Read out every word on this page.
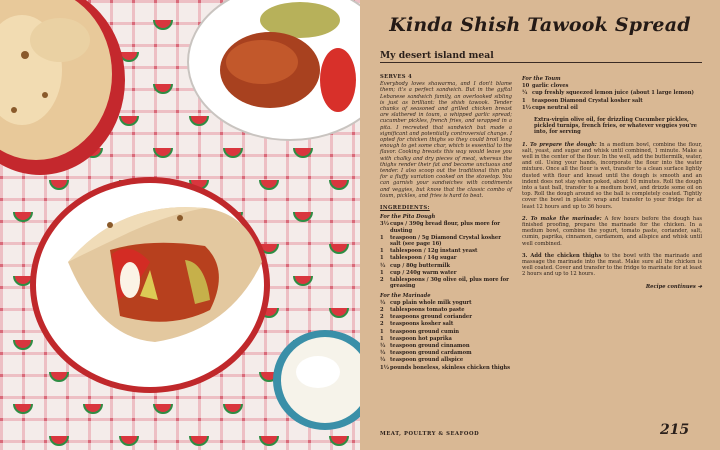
Kinda Shish Tawook Spread
My desert island meal
SERVES 4
Everybody loves shawarma, and I don't blame them; it's a perfect sandwich. But in the gyftal Lebanese sandwich family, an overlooked sibling is just as brilliant: the shish tawook. Tender chunks of seasoned and grilled chicken breast are slathered in toum, a whipped garlic spread; cucumber pickles, french fries, and wrapped in a pita. I recreated that sandwich but made a significant and potentially controversial change. I opted for chicken thighs so they could broil long enough to get some char, which is essential to the flavor. Cooking breasts this way would leave you with chalky and dry pieces of meat, whereas the thighs render their fat and become unctuous and tender. I also scoop out the traditional thin pita for a fluffy variation cooked on the stovetop. You can garnish your sandwiches with condiments and veggies, but know that the classic combo of toum, pickles, and fries is hard to beat.
INGREDIENTS:
For the Pita Dough
3½ cups / 390g bread flour, plus more for dusting
1	teaspoon / 5g Diamond Crystal kosher salt (see page 16)
1	tablespoon / 12g instant yeast
1	tablespoon / 14g sugar
½ cup / 80g buttermilk
1	cup / 240g warm water
2	tablespoons / 30g olive oil, plus more for greasing
For the Marinade
½ cup plain whole milk yogurt
2	tablespoons tomato paste
2	teaspoons ground coriander
2	teaspoons kosher salt
1	teaspoon ground cumin
1	teaspoon hot paprika
½ teaspoon ground cinnamon
½ teaspoon ground cardamom
½ teaspoon ground allspice
1½ pounds boneless, skinless chicken thighs
For the Toum
10 garlic cloves
¼ cup freshly squeezed lemon juice (about 1 large lemon)
1	teaspoon Diamond Crystal kosher salt
1½ cups neutral oil
Extra-virgin olive oil, for drizzling Cucumber pickles, pickled turnips, french fries, or whatever veggies you're into, for serving
1. To prepare the dough: In a medium bowl, combine the flour, salt, yeast, and sugar and whisk until combined, 1 minute. Make a well in the center of the flour. In the well, add the buttermilk, water, and oil. Using your hands, incorporate the flour into the water mixture. Once all the flour is wet, transfer to a clean surface lightly dusted with flour and knead until the dough is smooth and an indent does not stay when poked, about 10 minutes. Roll the dough into a taut ball, transfer to a medium bowl, and drizzle some oil on top. Roll the dough around so the ball is completely coated. Tightly cover the bowl in plastic wrap and transfer to your fridge for at least 12 hours and up to 36 hours.
2. To make the marinade: A few hours before the dough has finished proofing, prepare the marinade for the chicken. In a medium bowl, combine the yogurt, tomato paste, coriander, salt, cumin, paprika, cinnamon, cardamom, and allspice and whisk until well combined.
3. Add the chicken thighs to the bowl with the marinade and massage the marinade into the meat. Make sure all the chicken is well coated. Cover and transfer to the fridge to marinate for at least 2 hours and up to 12 hours.
Recipe continues ➔
MEAT, POULTRY & SEAFOOD	215
